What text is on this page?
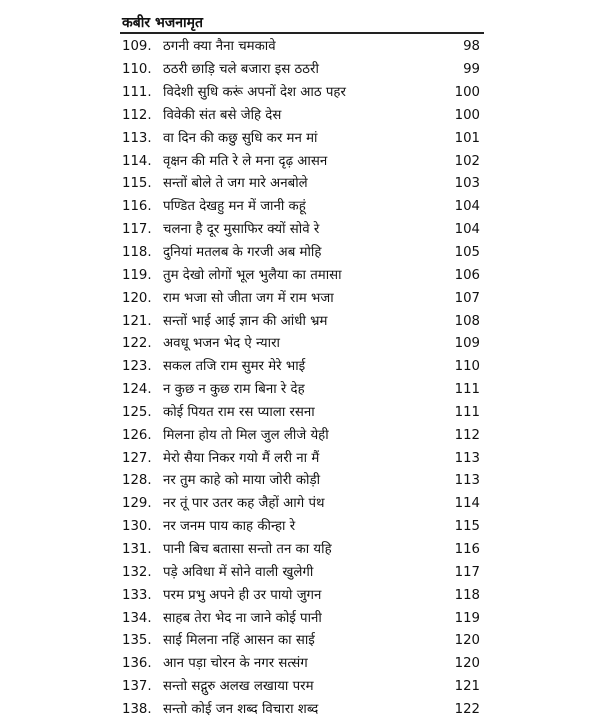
कबीर भजनामृत
109. ठगनी क्या नैना चमकावे	98
110. ठठरी छाड़ि चले बजारा इस ठठरी	99
111. विदेशी सुधि करूं अपनों देश आठ पहर	100
112. विवेकी संत बसे जेहि देस	100
113. वा दिन की कछु सुधि कर मन मां	101
114. वृक्षन की मति रे ले मना दृढ़ आसन	102
115. सन्तों बोले ते जग मारे अनबोले	103
116. पण्डित देखहु मन में जानी कहूं	104
117. चलना है दूर मुसाफिर क्यों सोवे रे	104
118. दुनियां मतलब के गरजी अब मोहि	105
119. तुम देखो लोगों भूल भुलैया का तमासा	106
120. राम भजा सो जीता जग में राम भजा	107
121. सन्तों भाई आई ज्ञान की आंधी भ्रम	108
122. अवधू भजन भेद ऐ न्यारा	109
123. सकल तजि राम सुमर मेरे भाई	110
124. न कुछ न कुछ राम बिना रे देह	111
125. कोई पियत राम रस प्याला रसना	111
126. मिलना होय तो मिल जुल लीजे येही	112
127. मेरो सैया निकर गयो मैं लरी ना मैं	113
128. नर तुम काहे को माया जोरी कोड़ी	113
129. नर तूं पार उतर कह जैहों आगे पंथ	114
130. नर जनम पाय काह कीन्हा रे	115
131. पानी बिच बतासा सन्तो तन का यहि	116
132. पड़े अविधा में सोने वाली खुलेगी	117
133. परम प्रभु अपने ही उर पायो जुगन	118
134. साहब तेरा भेद ना जाने कोई पानी	119
135. साई मिलना नहिं आसन का साई	120
136. आन पड़ा चोरन के नगर सत्संग	120
137. सन्तो सद्गुरु अलख लखाया परम	121
138. सन्तो कोई जन शब्द विचारा शब्द	122
